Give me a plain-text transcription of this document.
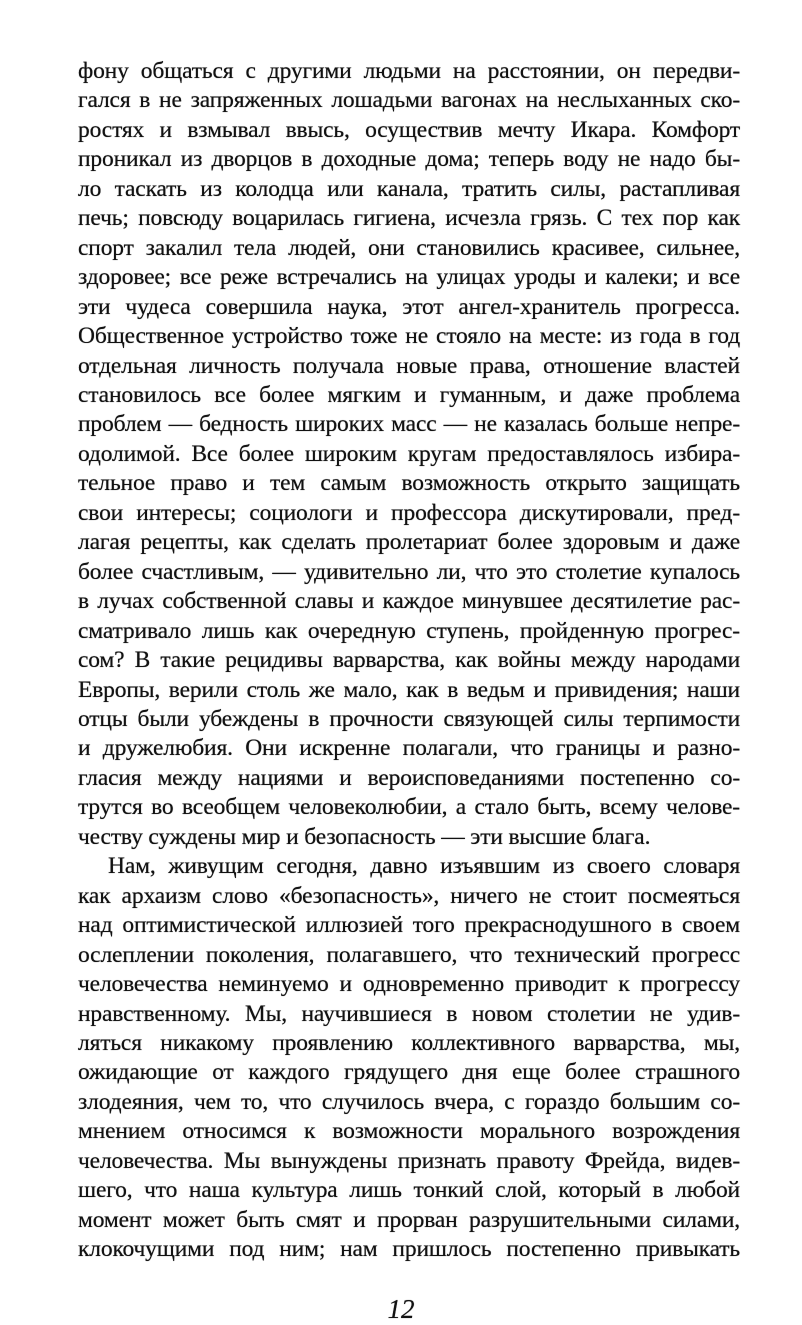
фону общаться с другими людьми на расстоянии, он передви-
гался в не запряженных лошадьми вагонах на неслыханных ско-
ростях и взмывал ввысь, осуществив мечту Икара. Комфорт
проникал из дворцов в доходные дома; теперь воду не надо бы-
ло таскать из колодца или канала, тратить силы, растапливая
печь; повсюду воцарилась гигиена, исчезла грязь. С тех пор как
спорт закалил тела людей, они становились красивее, сильнее,
здоровее; все реже встречались на улицах уроды и калеки; и все
эти чудеса совершила наука, этот ангел-хранитель прогресса.
Общественное устройство тоже не стояло на месте: из года в год
отдельная личность получала новые права, отношение властей
становилось все более мягким и гуманным, и даже проблема
проблем — бедность широких масс — не казалась больше непре-
одолимой. Все более широким кругам предоставлялось избира-
тельное право и тем самым возможность открыто защищать
свои интересы; социологи и профессора дискутировали, пред-
лагая рецепты, как сделать пролетариат более здоровым и даже
более счастливым, — удивительно ли, что это столетие купалось
в лучах собственной славы и каждое минувшее десятилетие рас-
сматривало лишь как очередную ступень, пройденную прогрес-
сом? В такие рецидивы варварства, как войны между народами
Европы, верили столь же мало, как в ведьм и привидения; наши
отцы были убеждены в прочности связующей силы терпимости
и дружелюбия. Они искренне полагали, что границы и разно-
гласия между нациями и вероисповеданиями постепенно со-
трутся во всеобщем человеколюбии, а стало быть, всему челове-
честву суждены мир и безопасность — эти высшие блага.
Нам, живущим сегодня, давно изъявшим из своего словаря
как архаизм слово «безопасность», ничего не стоит посмеяться
над оптимистической иллюзией того прекраснодушного в своем
ослеплении поколения, полагавшего, что технический прогресс
человечества неминуемо и одновременно приводит к прогрессу
нравственному. Мы, научившиеся в новом столетии не удив-
ляться никакому проявлению коллективного варварства, мы,
ожидающие от каждого грядущего дня еще более страшного
злодеяния, чем то, что случилось вчера, с гораздо большим со-
мнением относимся к возможности морального возрождения
человечества. Мы вынуждены признать правоту Фрейда, видев-
шего, что наша культура лишь тонкий слой, который в любой
момент может быть смят и прорван разрушительными силами,
клокочущими под ним; нам пришлось постепенно привыкать
12
